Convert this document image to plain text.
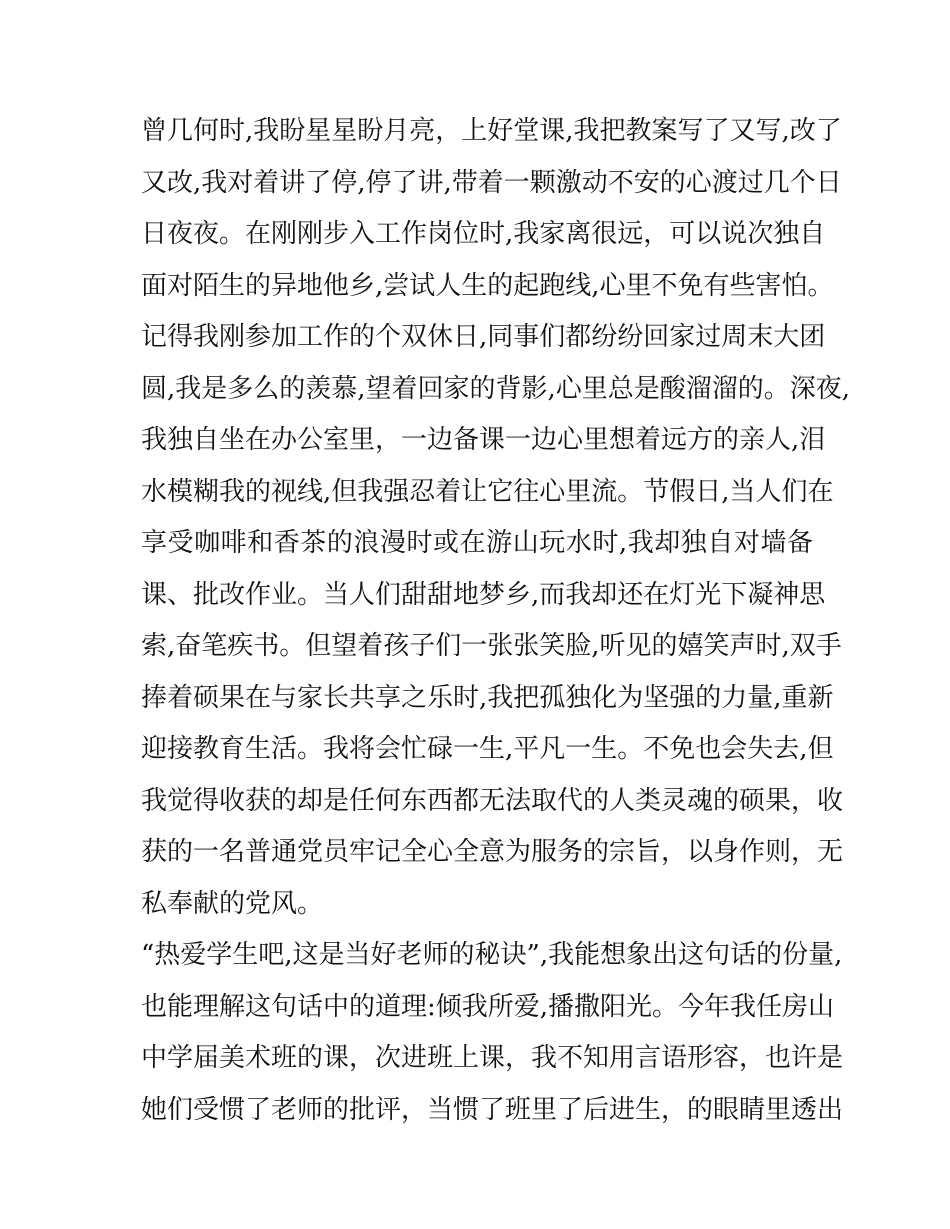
曾几何时,我盼星星盼月亮，上好堂课,我把教案写了又写,改了
又改,我对着讲了停,停了讲,带着一颗激动不安的心渡过几个日
日夜夜。在刚刚步入工作岗位时,我家离很远，可以说次独自
面对陌生的异地他乡,尝试人生的起跑线,心里不免有些害怕。
记得我刚参加工作的个双休日,同事们都纷纷回家过周末大团
圆,我是多么的羡慕,望着回家的背影,心里总是酸溜溜的。深夜,
我独自坐在办公室里，一边备课一边心里想着远方的亲人,泪
水模糊我的视线,但我强忍着让它往心里流。节假日,当人们在
享受咖啡和香茶的浪漫时或在游山玩水时,我却独自对墙备
课、批改作业。当人们甜甜地梦乡,而我却还在灯光下凝神思
索,奋笔疾书。但望着孩子们一张张笑脸,听见的嬉笑声时,双手
捧着硕果在与家长共享之乐时,我把孤独化为坚强的力量,重新
迎接教育生活。我将会忙碌一生,平凡一生。不免也会失去,但
我觉得收获的却是任何东西都无法取代的人类灵魂的硕果，收
获的一名普通党员牢记全心全意为服务的宗旨，以身作则，无
私奉献的党风。
“热爱学生吧,这是当好老师的秘诀”,我能想象出这句话的份量,
也能理解这句话中的道理:倾我所爱,播撒阳光。今年我任房山
中学届美术班的课，次进班上课，我不知用言语形容，也许是
她们受惯了老师的批评，当惯了班里了后进生，的眼睛里透出
